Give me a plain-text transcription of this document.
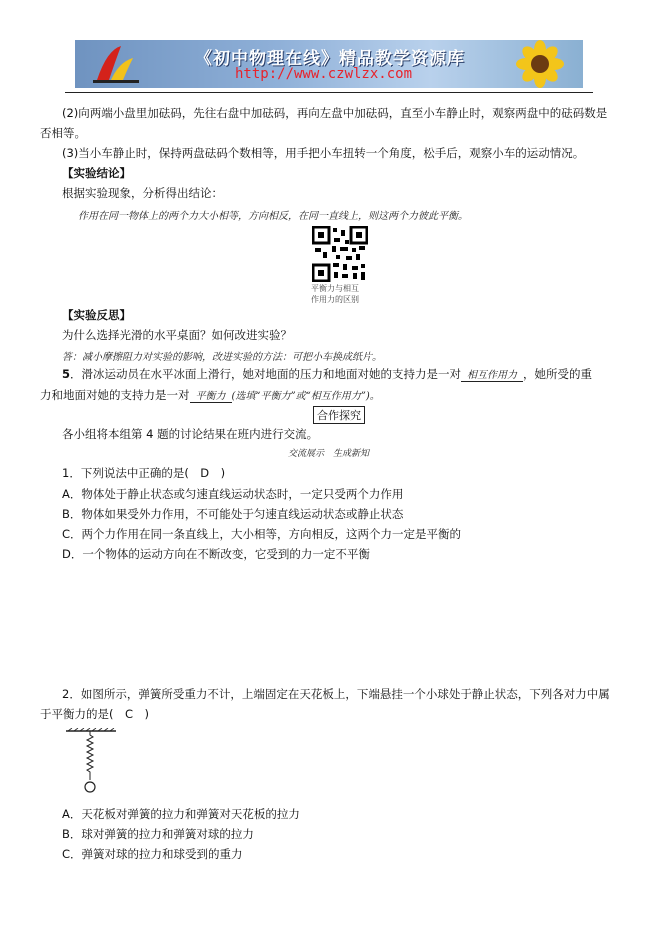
《初中物理在线》精品教学资源库
http://www.czwlzx.com
(2)向两端小盘里加砝码，先往右盘中加砝码，再向左盘中加砝码，直至小车静止时，观察两盘中的砝码数是
否相等。
(3)当小车静止时，保持两盘砝码个数相等，用手把小车扭转一个角度，松手后，观察小车的运动情况。
【实验结论】
根据实验现象，分析得出结论：
作用在同一物体上的两个力大小相等，方向相反，在同一直线上，则这两个力彼此平衡。
平衡力与相互
作用力的区别
【实验反思】
为什么选择光滑的水平桌面？如何改进实验？
答：减小摩擦阻力对实验的影响，改进实验的方法：可把小车换成纸片。
5．滑冰运动员在水平冰面上滑行，她对地面的压力和地面对她的支持力是一对 相互作用力 ，她所受的重
力和地面对她的支持力是一对 平衡力 (选填“平衡力”或“相互作用力”)。
合作探究
各小组将本组第 4 题的讨论结果在班内进行交流。
交流展示　生成新知
1．下列说法中正确的是(　D　)
A．物体处于静止状态或匀速直线运动状态时，一定只受两个力作用
B．物体如果受外力作用，不可能处于匀速直线运动状态或静止状态
C．两个力作用在同一条直线上，大小相等，方向相反，这两个力一定是平衡的
D．一个物体的运动方向在不断改变，它受到的力一定不平衡
2．如图所示，弹簧所受重力不计，上端固定在天花板上，下端悬挂一个小球处于静止状态，下列各对力中属
于平衡力的是(　C　)
A．天花板对弹簧的拉力和弹簧对天花板的拉力
B．球对弹簧的拉力和弹簧对球的拉力
C．弹簧对球的拉力和球受到的重力
